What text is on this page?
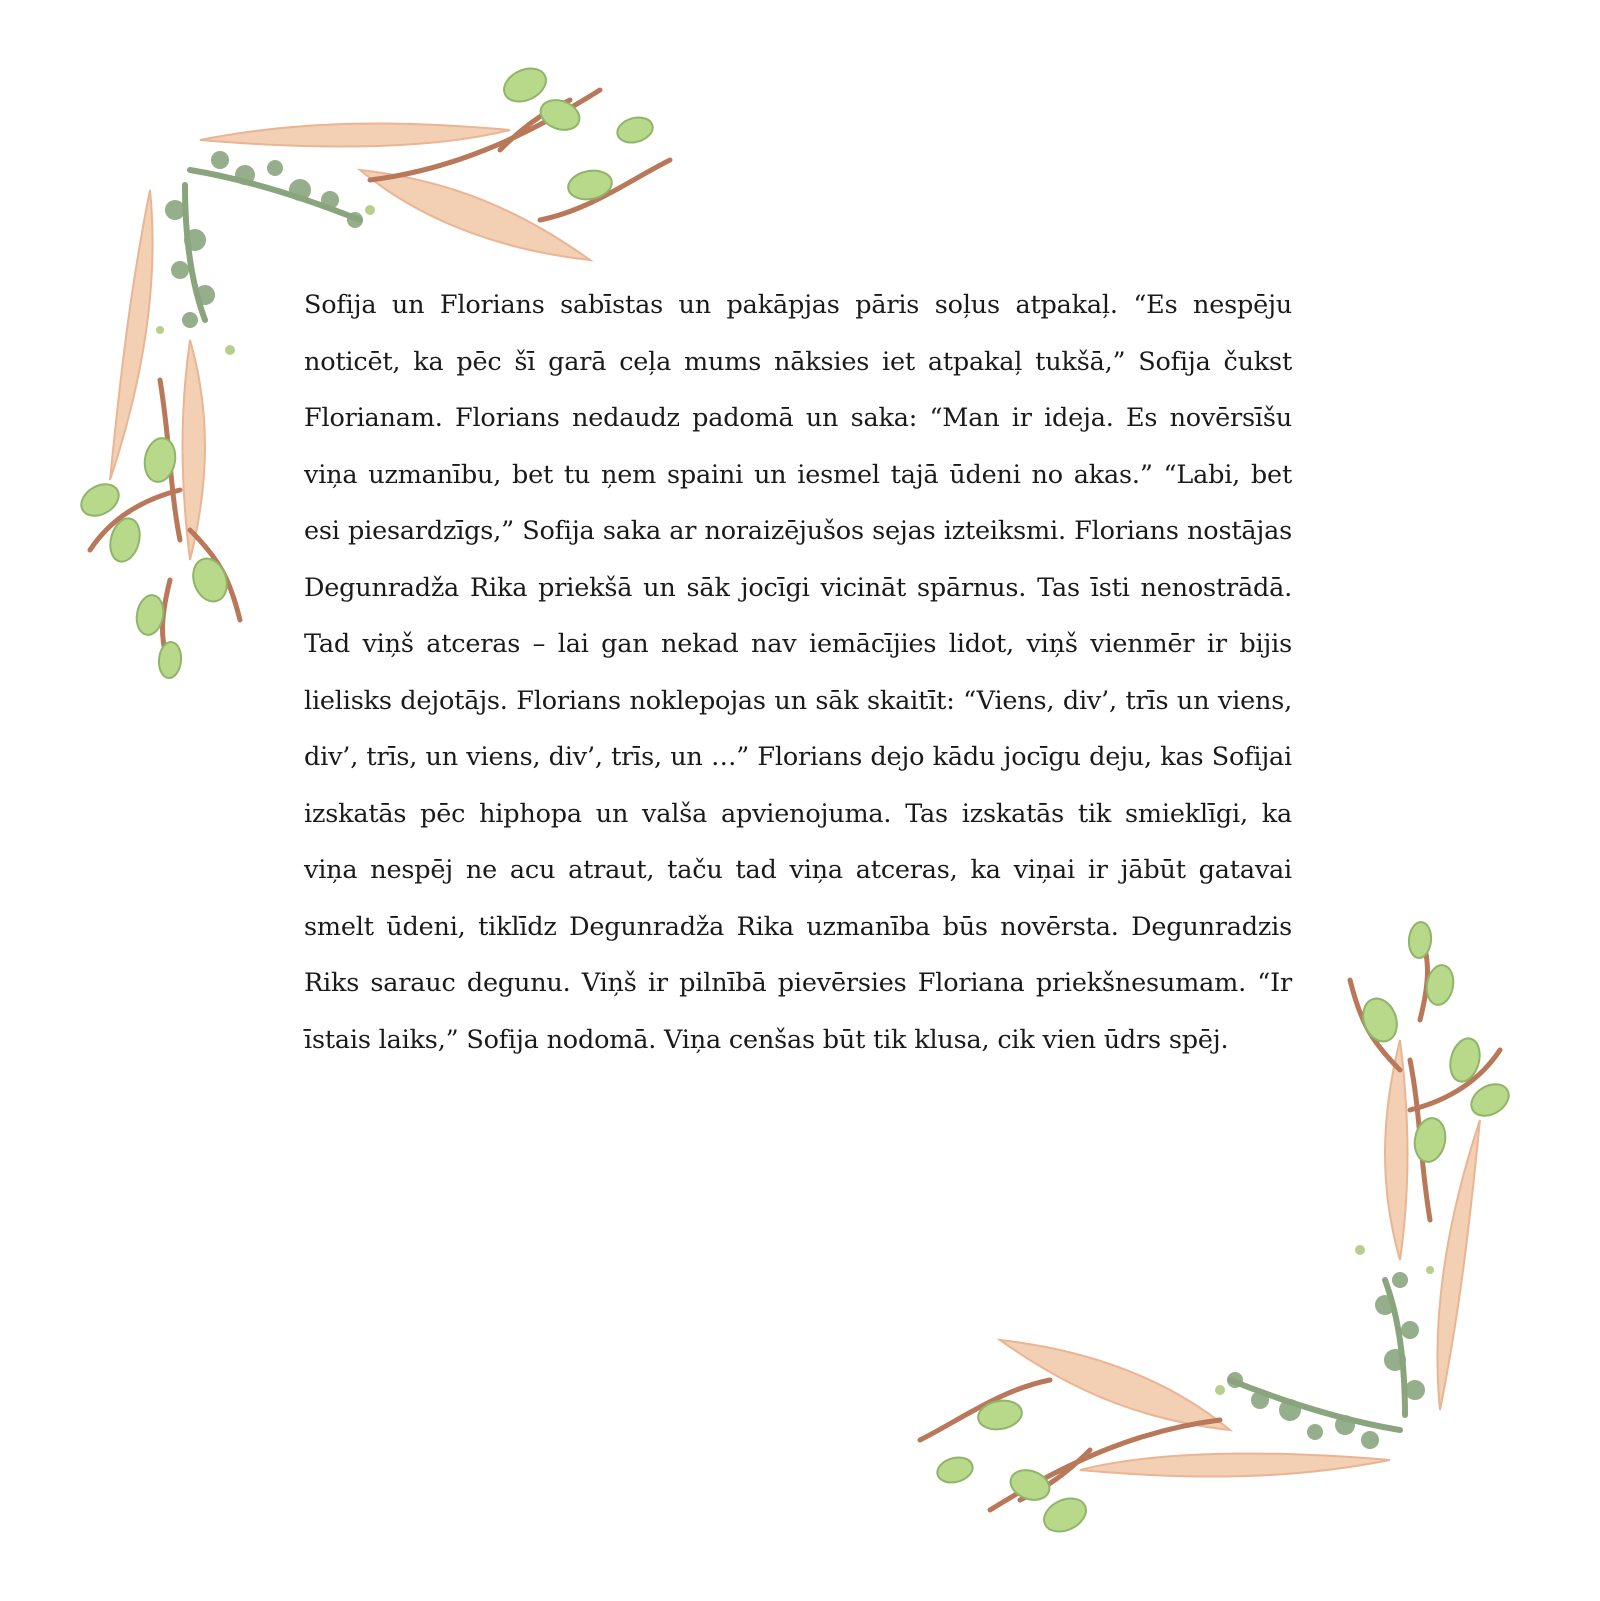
Sofija un Florians sabīstas un pakāpjas pāris soļus atpakaļ. “Es nespēju noticēt, ka pēc šī garā ceļa mums nāksies iet atpakaļ tukšā,” Sofija čukst Florianam. Florians nedaudz padomā un saka: “Man ir ideja. Es novērsīšu viņa uzmanību, bet tu ņem spaini un iesmel tajā ūdeni no akas.” “Labi, bet esi piesardzīgs,” Sofija saka ar noraizējušos sejas izteiksmi. Florians nostājas Degunradža Rika priekšā un sāk jocīgi vicināt spārnus. Tas īsti nenostrādā. Tad viņš atceras – lai gan nekad nav iemācījies lidot, viņš vienmēr ir bijis lielisks dejotājs. Florians noklepojas un sāk skaitīt: “Viens, div’, trīs un viens, div’, trīs, un viens, div’, trīs, un …” Florians dejo kādu jocīgu deju, kas Sofijai izskatās pēc hiphopa un valša apvienojuma. Tas izskatās tik smieklīgi, ka viņa nespēj ne acu atraut, taču tad viņa atceras, ka viņai ir jābūt gatavai smelt ūdeni, tiklīdz Degunradža Rika uzmanība būs novērsta. Degunradzis Riks sarauc degunu. Viņš ir pilnībā pievērsies Floriana priekšnesumam. “Ir īstais laiks,” Sofija nodomā. Viņa cenšas būt tik klusa, cik vien ūdrs spēj.
